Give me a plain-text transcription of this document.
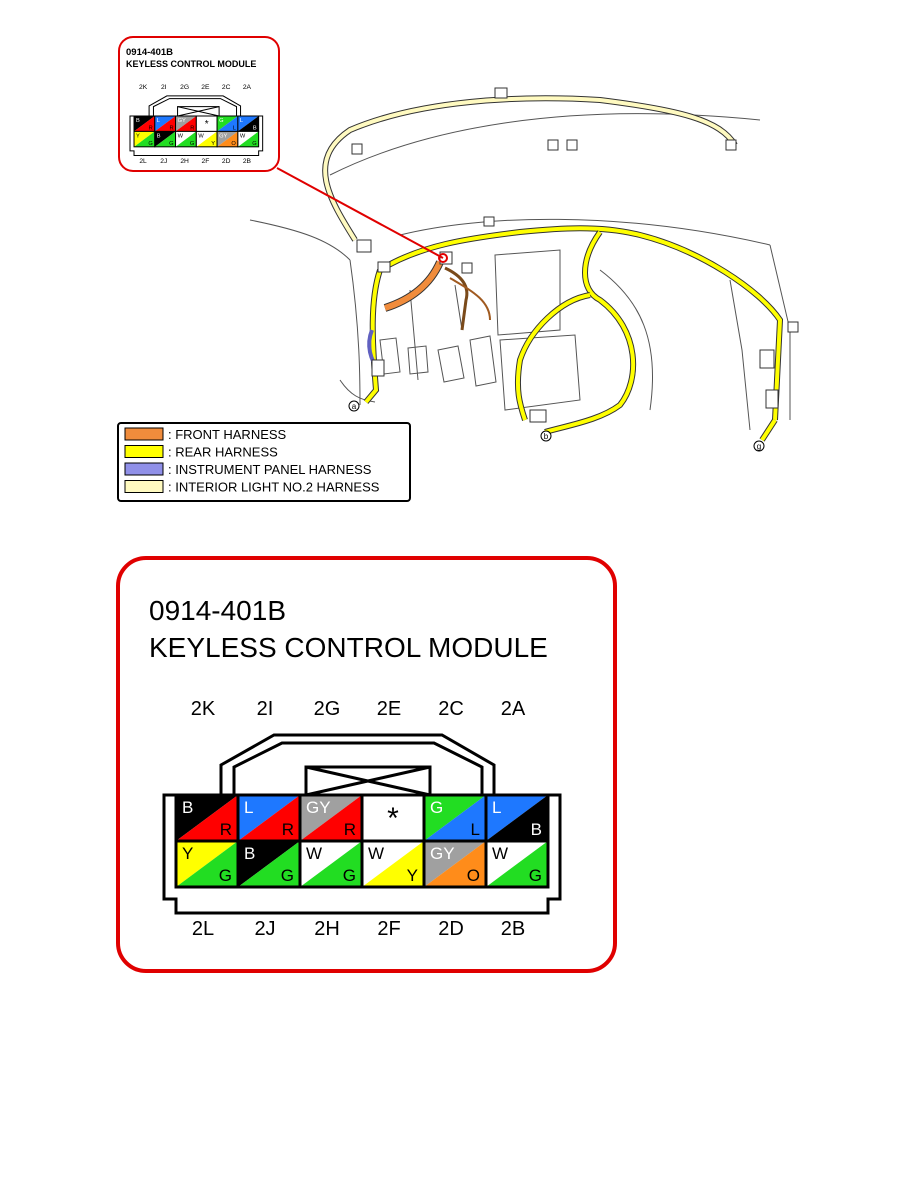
a
b
g
0914-401B
KEYLESS CONTROL MODULE
B
R
L
R
GY
R * G
L
L
B
Y
G
B
G
W
G
W
Y
GY
O
W
G
2K 2I 2G 2E 2C 2A
2L 2J 2H 2F 2D 2B
: FRONT HARNESS
: REAR HARNESS
: INSTRUMENT PANEL HARNESS
: INTERIOR LIGHT NO.2 HARNESS
0914-401B
KEYLESS CONTROL MODULE
B
R
L
R
GY
R * G
L
L
B
Y
G
B
G
W
G
W
Y
GY
O
W
G
2K 2I 2G 2E 2C 2A
2L 2J 2H 2F 2D 2B
